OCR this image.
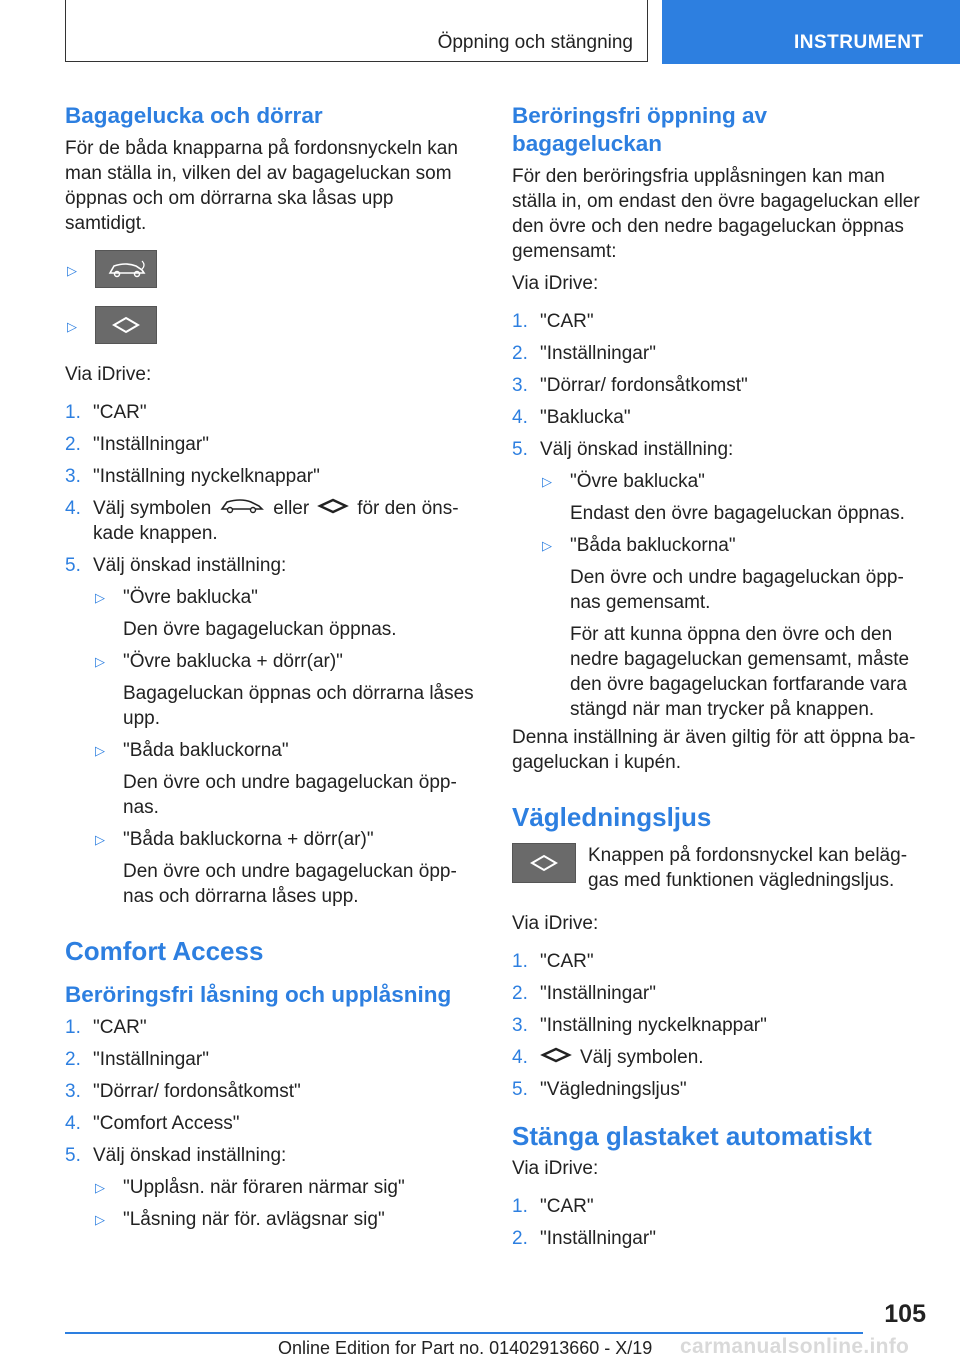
Öppning och stängning	INSTRUMENT
Bagagelucka och dörrar

För de båda knapparna på fordonsnyckeln kan man ställa in, vilken del av bagageluckan som öppnas och om dörrarna ska låsas upp samtidigt.

▷
▷

Via iDrive:

1. "CAR"
2. "Inställningar"
3. "Inställning nyckelknappar"
4. Välj symbolen	eller	för den önskade knappen.
5. Välj önskad inställning:
▷ "Övre baklucka"
Den övre bagageluckan öppnas.
▷ "Övre baklucka + dörr(ar)"
Bagageluckan öppnas och dörrarna låses upp.
▷ "Båda bakluckorna"
Den övre och undre bagageluckan öppnas.
▷ "Båda bakluckorna + dörr(ar)"
Den övre och undre bagageluckan öppnas och dörrarna låses upp.
Comfort Access
Beröringsfri låsning och upplåsning
1. "CAR"
2. "Inställningar"
3. "Dörrar/ fordonsåtkomst"
4. "Comfort Access"
5. Välj önskad inställning:
▷ "Upplåsn. när föraren närmar sig"
▷ "Låsning när för. avlägsnar sig"
Beröringsfri öppning av bagageluckan

För den beröringsfria upplåsningen kan man ställa in, om endast den övre bagageluckan eller den övre och den nedre bagageluckan öppnas gemensamt:

Via iDrive:

1. "CAR"
2. "Inställningar"
3. "Dörrar/ fordonsåtkomst"
4. "Baklucka"
5. Välj önskad inställning:
▷ "Övre baklucka"
Endast den övre bagageluckan öppnas.
▷ "Båda bakluckorna"
Den övre och undre bagageluckan öppnas gemensamt.
För att kunna öppna den övre och den nedre bagageluckan gemensamt, måste den övre bagageluckan fortfarande vara stängd när man trycker på knappen.

Denna inställning är även giltig för att öppna bagageluckan i kupén.

Vägledningsljus

Knappen på fordonsnyckel kan beläggas med funktionen vägledningsljus.

Via iDrive:

1. "CAR"
2. "Inställningar"
3. "Inställning nyckelknappar"
4.	Välj symbolen.
5. "Vägledningsljus"
Stänga glastaket automatiskt

Via iDrive:

1. "CAR"
2. "Inställningar"
105
Online Edition for Part no. 01402913660 - X/19 carmanualsonline.info
